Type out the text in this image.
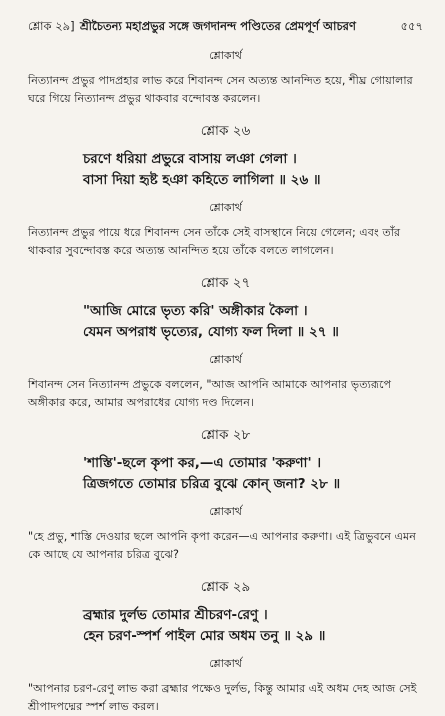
শ্লোক ২৯] শ্রীচৈতন্য মহাপ্রভুর সঙ্গে জগদানন্দ পণ্ডিতের প্রেমপূর্ণ আচরণ	৫৫৭
শ্লোকার্থ

নিত্যানন্দ প্রভুর পাদপ্রহার লাভ করে শিবানন্দ সেন অত্যন্ত আনন্দিত হয়ে, শীঘ্র গোয়ালার ঘরে গিয়ে নিত্যানন্দ প্রভুর থাকবার বন্দোবস্ত করলেন।

শ্লোক ২৬
চরণে ধরিয়া প্রভুরে বাসায় লঞা গেলা ।
বাসা দিয়া হৃষ্ট হঞা কহিতে লাগিলা ॥ ২৬ ॥
শ্লোকার্থ

নিত্যানন্দ প্রভুর পায়ে ধরে শিবানন্দ সেন তাঁকে সেই বাসস্থানে নিয়ে গেলেন; এবং তাঁর থাকবার সুবন্দোবস্ত করে অত্যন্ত আনন্দিত হয়ে তাঁকে বলতে লাগলেন।

শ্লোক ২৭
"আজি মোরে ভৃত্য করি' অঙ্গীকার কৈলা ।
যেমন অপরাধ ভৃত্যের, যোগ্য ফল দিলা ॥ ২৭ ॥
শ্লোকার্থ

শিবানন্দ সেন নিত্যানন্দ প্রভুকে বললেন, "আজ আপনি আমাকে আপনার ভৃত্যরূপে অঙ্গীকার করে, আমার অপরাধের যোগ্য দণ্ড দিলেন।

শ্লোক ২৮
'শাস্তি'-ছলে কৃপা কর,—এ তোমার 'করুণা' ।
ত্রিজগতে তোমার চরিত্র বুঝে কোন্ জনা? ২৮ ॥
শ্লোকার্থ

"হে প্রভু, শাস্তি দেওয়ার ছলে আপনি কৃপা করেন—এ আপনার করুণা। এই ত্রিভুবনে এমন কে আছে যে আপনার চরিত্র বুঝে?

শ্লোক ২৯
ব্রহ্মার দুর্লভ তোমার শ্রীচরণ-রেণু ।
হেন চরণ-স্পর্শ পাইল মোর অধম তনু ॥ ২৯ ॥
শ্লোকার্থ

"আপনার চরণ-রেণু লাভ করা ব্রহ্মার পক্ষেও দুর্লভ, কিন্তু আমার এই অধম দেহ আজ সেই শ্রীপাদপদ্মের স্পর্শ লাভ করল।
